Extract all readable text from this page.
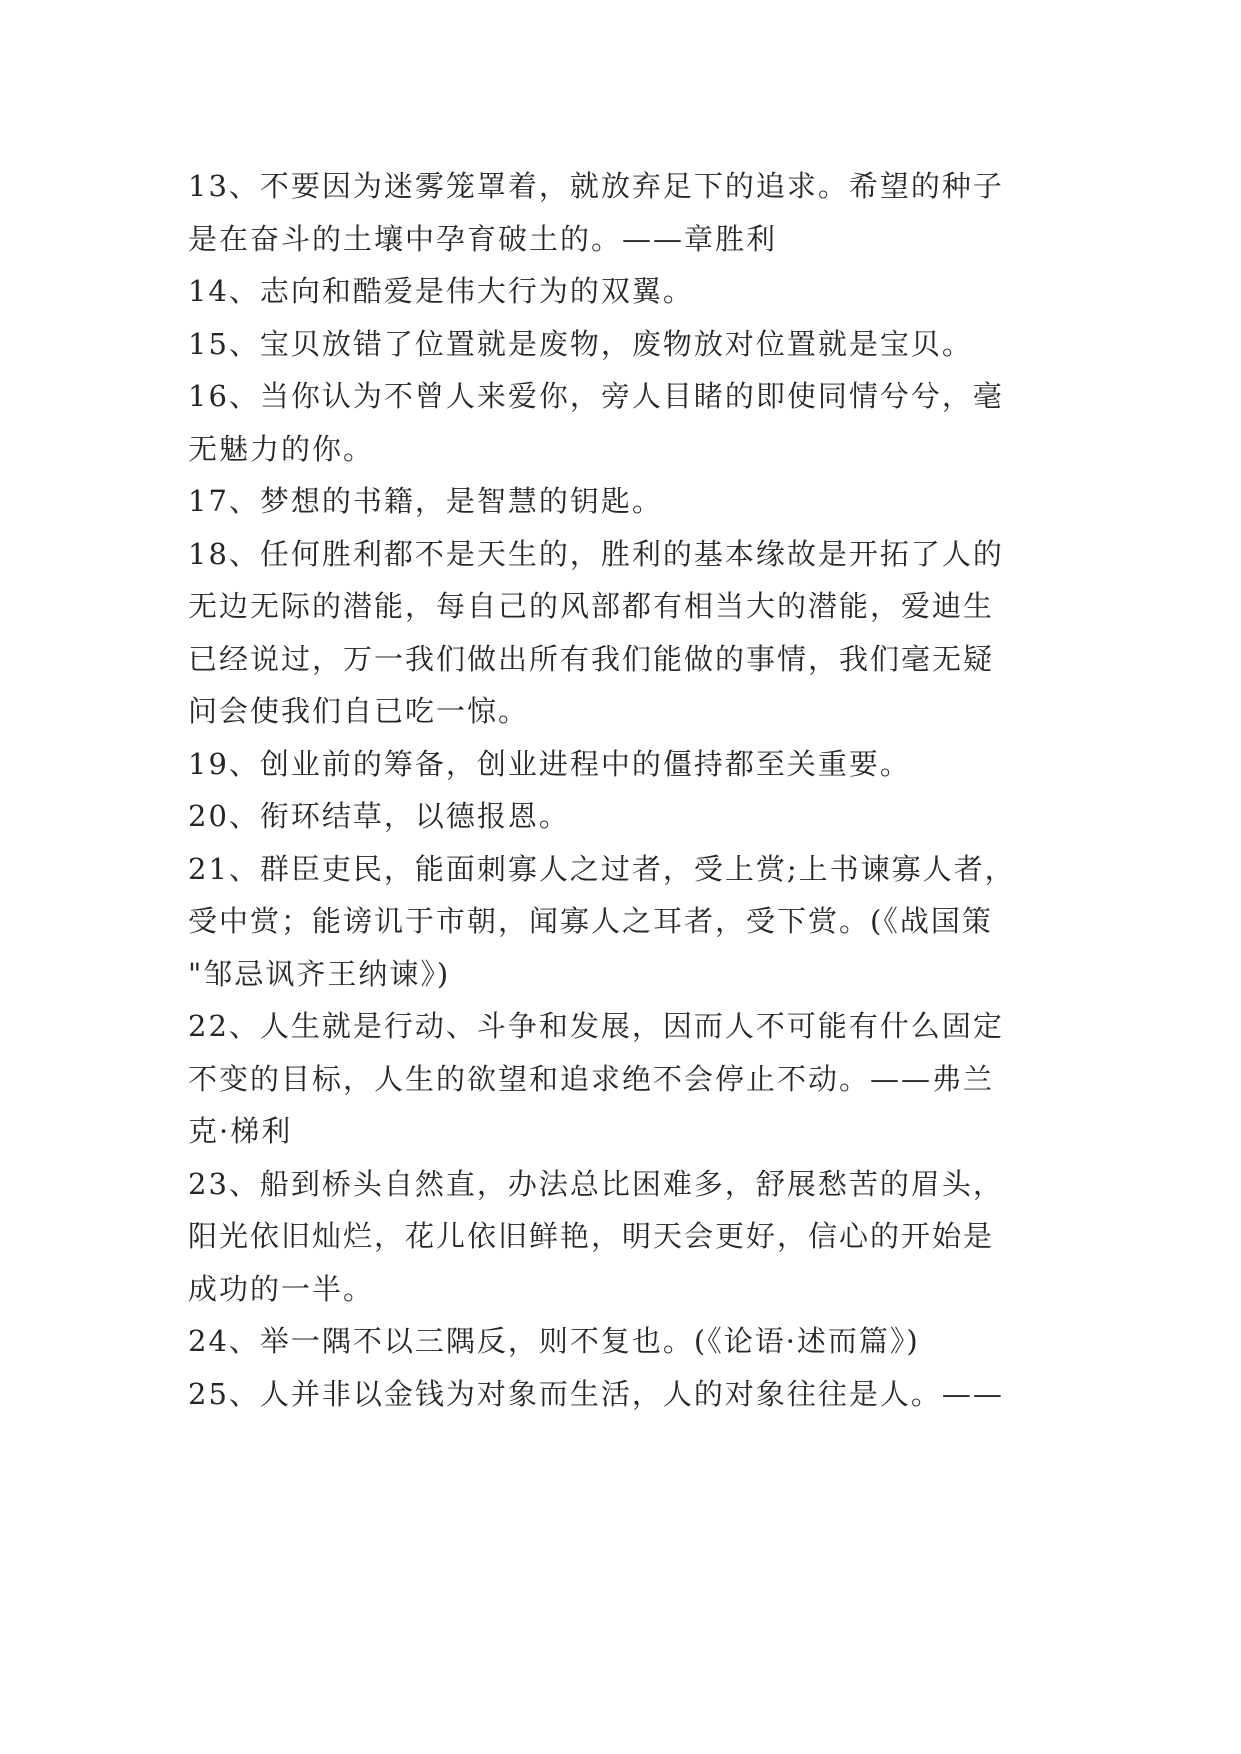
13、不要因为迷雾笼罩着，就放弃足下的追求。希望的种子
是在奋斗的土壤中孕育破土的。——章胜利
14、志向和酷爱是伟大行为的双翼。
15、宝贝放错了位置就是废物，废物放对位置就是宝贝。
16、当你认为不曾人来爱你，旁人目睹的即使同情兮兮，毫
无魅力的你。
17、梦想的书籍，是智慧的钥匙。
18、任何胜利都不是天生的，胜利的基本缘故是开拓了人的
无边无际的潜能，每自己的风部都有相当大的潜能，爱迪生
已经说过，万一我们做出所有我们能做的事情，我们毫无疑
问会使我们自已吃一惊。
19、创业前的筹备，创业进程中的僵持都至关重要。
20、衔环结草，以德报恩。
21、群臣吏民，能面刺寡人之过者，受上赏;上书谏寡人者，
受中赏；能谤讥于市朝，闻寡人之耳者，受下赏。(《战国策
"邹忌讽齐王纳谏》)
22、人生就是行动、斗争和发展，因而人不可能有什么固定
不变的目标，人生的欲望和追求绝不会停止不动。——弗兰
克·梯利
23、船到桥头自然直，办法总比困难多，舒展愁苦的眉头，
阳光依旧灿烂，花儿依旧鲜艳，明天会更好，信心的开始是
成功的一半。
24、举一隅不以三隅反，则不复也。(《论语·述而篇》)
25、人并非以金钱为对象而生活，人的对象往往是人。——
